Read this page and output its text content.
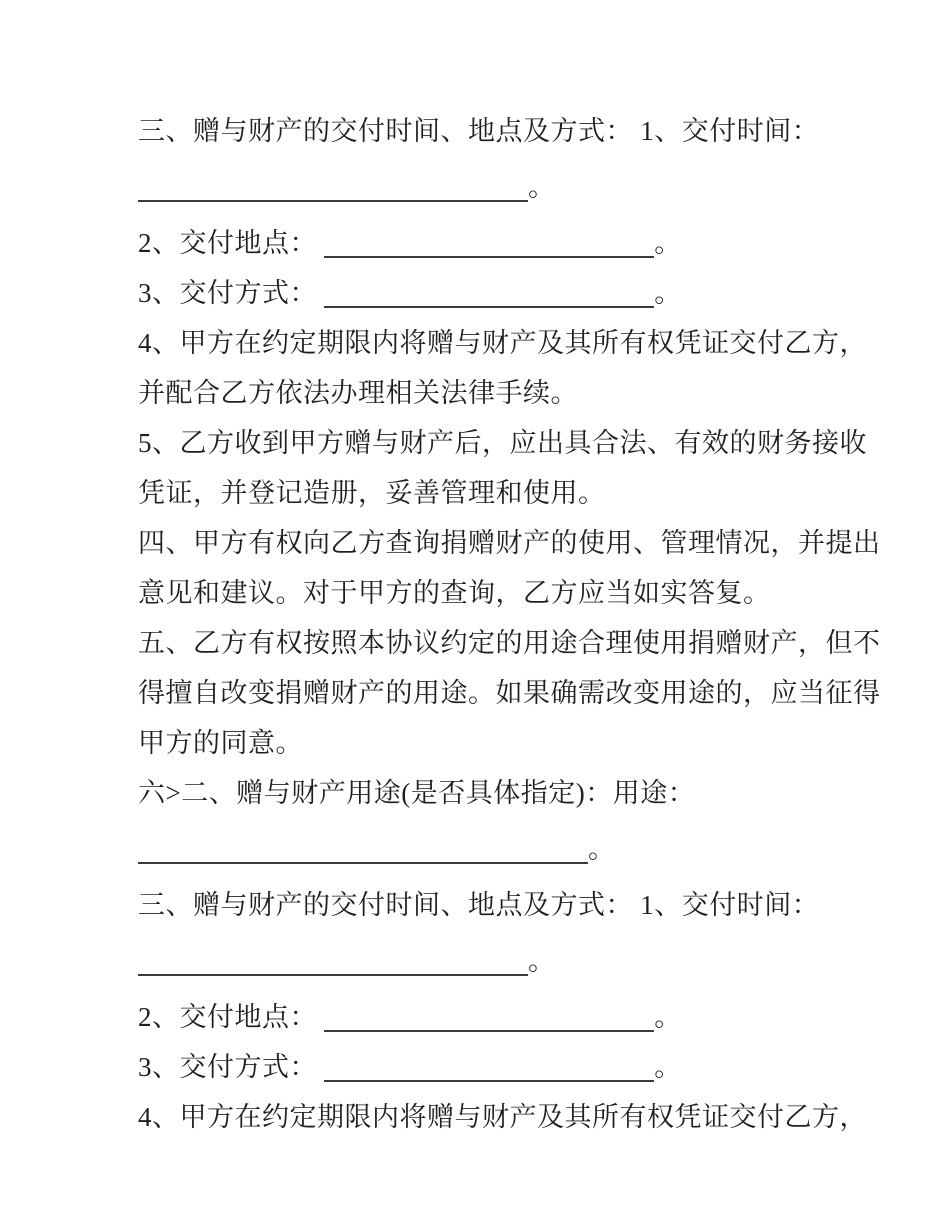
三、赠与财产的交付时间、地点及方式： 1、交付时间：
。
2、交付地点：	。
3、交付方式：	。
4、甲方在约定期限内将赠与财产及其所有权凭证交付乙方，
并配合乙方依法办理相关法律手续。
5、乙方收到甲方赠与财产后，应出具合法、有效的财务接收
凭证，并登记造册，妥善管理和使用。
四、甲方有权向乙方查询捐赠财产的使用、管理情况，并提出
意见和建议。对于甲方的查询，乙方应当如实答复。
五、乙方有权按照本协议约定的用途合理使用捐赠财产，但不
得擅自改变捐赠财产的用途。如果确需改变用途的，应当征得
甲方的同意。
六>二、赠与财产用途(是否具体指定)：用途：
。
三、赠与财产的交付时间、地点及方式： 1、交付时间：
。
2、交付地点：	。
3、交付方式：	。
4、甲方在约定期限内将赠与财产及其所有权凭证交付乙方，
